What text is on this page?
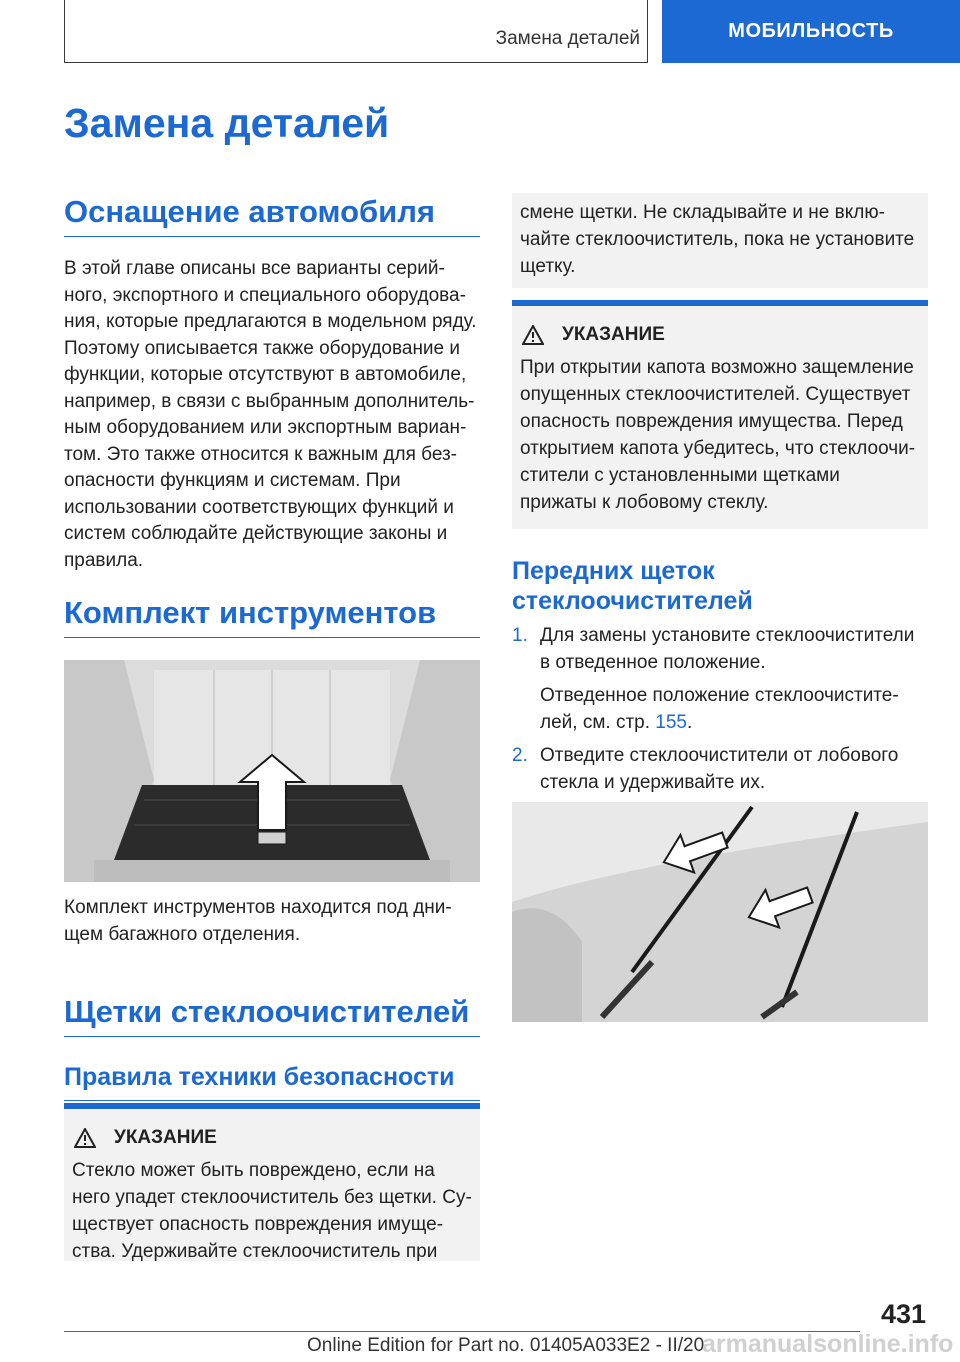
Замена деталей	МОБИЛЬНОСТЬ
Замена деталей
Оснащение автомобиля

В этой главе описаны все варианты серий-ного, экспортного и специального оборудова-ния, которые предлагаются в модельном ряду. Поэтому описывается также оборудование и функции, которые отсутствуют в автомобиле, например, в связи с выбранным дополнитель-ным оборудованием или экспортным вариан-том. Это также относится к важным для без-опасности функциям и системам. При использовании соответствующих функций и систем соблюдайте действующие законы и правила.

Комплект инструментов

Комплект инструментов находится под дни-щем багажного отделения.

Щетки стеклоочистителей
Правила техники безопасности
УКАЗАНИЕ
Стекло может быть повреждено, если на него упадет стеклоочиститель без щетки. Су-ществует опасность повреждения имуще-ства. Удерживайте стеклоочиститель при
смене щетки. Не складывайте и не вклю-чайте стеклоочиститель, пока не установите щетку.
УКАЗАНИЕ
При открытии капота возможно защемление опущенных стеклоочистителей. Существует опасность повреждения имущества. Перед открытием капота убедитесь, что стеклоочи-стители с установленными щетками прижаты к лобовому стеклу.
Передних щеток стеклоочистителей
1. Для замены установите стеклоочистители в отведенное положение.

Отведенное положение стеклоочистите-лей, см. стр. 155.

2. Отведите стеклоочистители от лобового стекла и удерживайте их.

431
Online Edition for Part no. 01405A033E2 - II/20
armanualsonline.info
